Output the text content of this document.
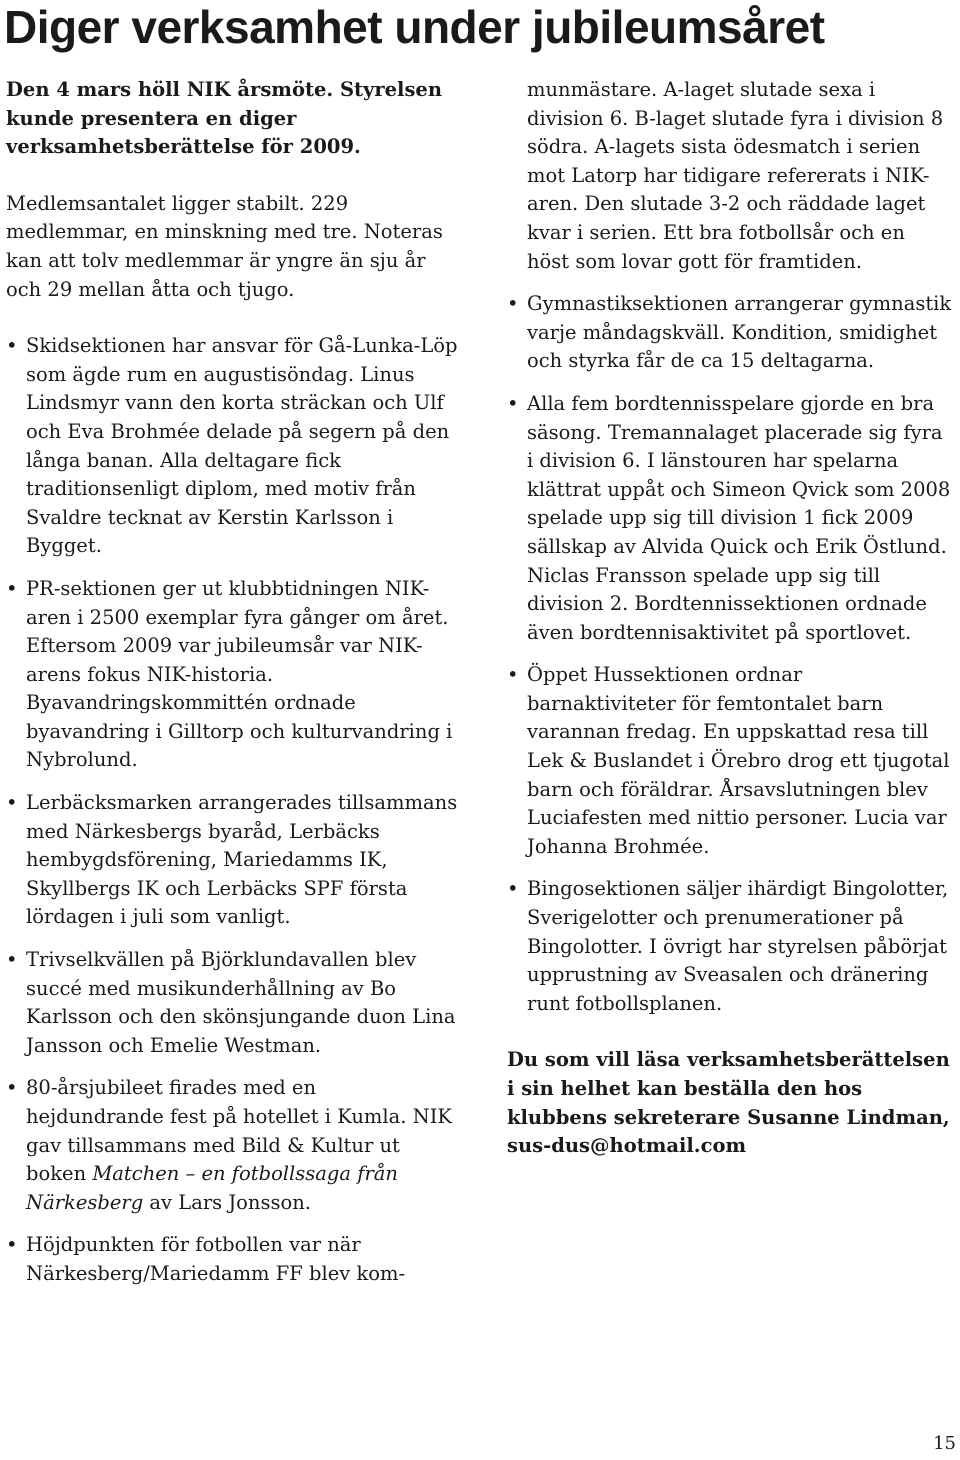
Diger verksamhet under jubileumsåret

Den 4 mars höll NIK årsmöte. Styrelsen kunde presentera en diger verksamhetsberättelse för 2009.

Medlemsantalet ligger stabilt. 229 medlemmar, en minskning med tre. Noteras kan att tolv medlemmar är yngre än sju år och 29 mellan åtta och tjugo.

• Skidsektionen har ansvar för Gå-Lunka-Löp som ägde rum en augustisöndag. Linus Lindsmyr vann den korta sträckan och Ulf och Eva Brohmée delade på segern på den långa banan. Alla deltagare fick traditionsenligt diplom, med motiv från Svaldre tecknat av Kerstin Karlsson i Bygget.
• PR-sektionen ger ut klubbtidningen NIK-aren i 2500 exemplar fyra gånger om året. Eftersom 2009 var jubileumsår var NIK-arens fokus NIK-historia. Byavandringskommittén ordnade byavandring i Gilltorp och kulturvandring i Nybrolund.
• Lerbäcksmarken arrangerades tillsammans med Närkesbergs byaråd, Lerbäcks hembygdsförening, Mariedamms IK, Skyllbergs IK och Lerbäcks SPF första lördagen i juli som vanligt.
• Trivselkvällen på Björklundavallen blev succé med musikunderhållning av Bo Karlsson och den skönsjungande duon Lina Jansson och Emelie Westman.
• 80-årsjubileet firades med en hejdundrande fest på hotellet i Kumla. NIK gav tillsammans med Bild & Kultur ut boken Matchen – en fotbollssaga från Närkesberg av Lars Jonsson.
• Höjdpunkten för fotbollen var när Närkesberg/Mariedamm FF blev kom-
munmästare. A-laget slutade sexa i division 6. B-laget slutade fyra i division 8 södra. A-lagets sista ödesmatch i serien mot Latorp har tidigare refererats i NIK-aren. Den slutade 3-2 och räddade laget kvar i serien. Ett bra fotbollsår och en höst som lovar gott för framtiden.
• Gymnastiksektionen arrangerar gymnastik varje måndagskväll. Kondition, smidighet och styrka får de ca 15 deltagarna.
• Alla fem bordtennisspelare gjorde en bra säsong. Tremannalaget placerade sig fyra i division 6. I länstouren har spelarna klättrat uppåt och Simeon Qvick som 2008 spelade upp sig till division 1 fick 2009 sällskap av Alvida Quick och Erik Östlund. Niclas Fransson spelade upp sig till division 2. Bordtennissektionen ordnade även bordtennisaktivitet på sportlovet.
• Öppet Hussektionen ordnar barnaktiviteter för femtontalet barn varannan fredag. En uppskattad resa till Lek & Buslandet i Örebro drog ett tjugotal barn och föräldrar. Årsavslutningen blev Luciafesten med nittio personer. Lucia var Johanna Brohmée.
• Bingosektionen säljer ihärdigt Bingolotter, Sverigelotter och prenumerationer på Bingolotter. I övrigt har styrelsen påbörjat upprustning av Sveasalen och dränering runt fotbollsplanen.

Du som vill läsa verksamhetsberättelsen i sin helhet kan beställa den hos klubbens sekreterare Susanne Lindman, sus-dus@hotmail.com

15
